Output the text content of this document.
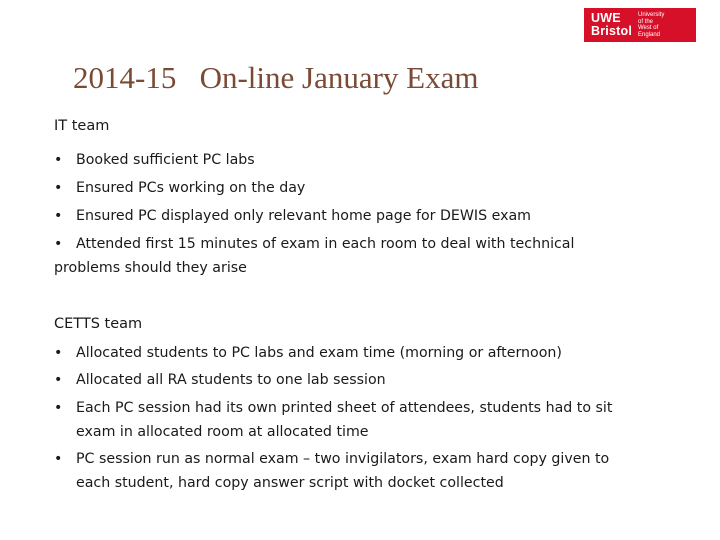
UWE
Bristol
University
of the
West of
England
2014-15   On-line January Exam
IT team
• Booked sufficient PC labs
• Ensured PCs working on the day
• Ensured PC displayed only relevant home page for DEWIS exam
• Attended first 15 minutes of exam in each room to deal with technical problems should they arise
CETTS team
• Allocated students to PC labs and exam time (morning or afternoon)
• Allocated all RA students to one lab session
• Each PC session had its own printed sheet of attendees, students had to sit exam in allocated room at allocated time
• PC session run as normal exam – two invigilators, exam hard copy given to each student, hard copy answer script with docket collected
